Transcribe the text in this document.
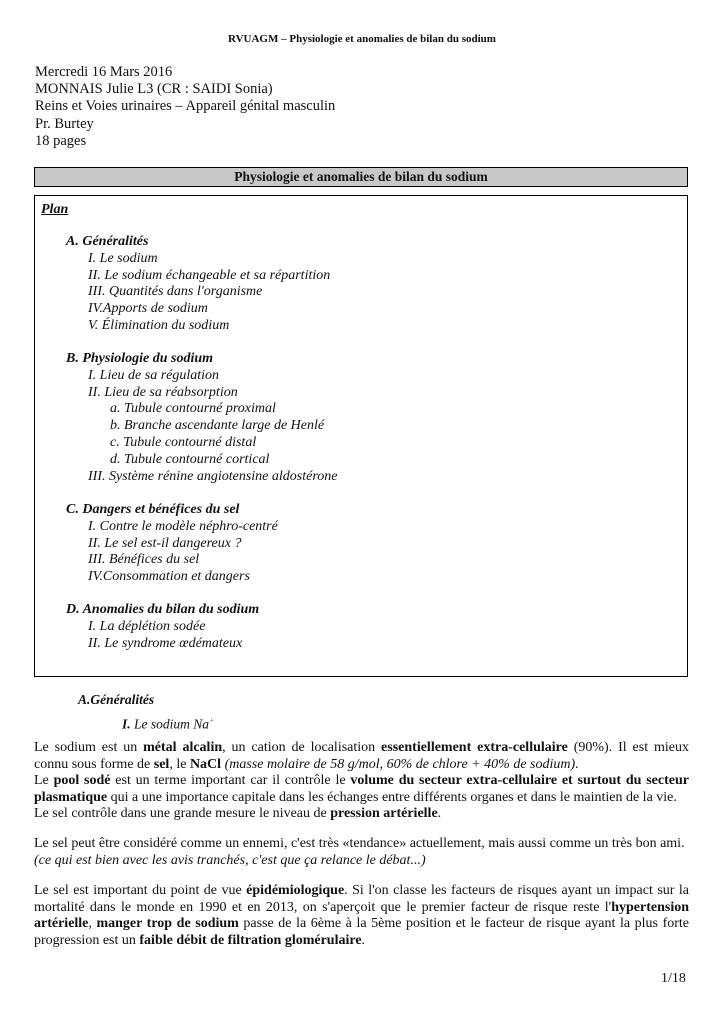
RVUAGM – Physiologie et anomalies de bilan du sodium
Mercredi 16 Mars 2016
MONNAIS Julie L3 (CR : SAIDI Sonia)
Reins et Voies urinaires – Appareil génital masculin
Pr. Burtey
18 pages
Physiologie et anomalies de bilan du sodium
Plan
A. Généralités
I. Le sodium
II. Le sodium échangeable et sa répartition
III. Quantités dans l'organisme
IV.Apports de sodium
V. Élimination du sodium
B. Physiologie du sodium
I. Lieu de sa régulation
II. Lieu de sa réabsorption
a. Tubule contourné proximal
b. Branche ascendante large de Henlé
c. Tubule contourné distal
d. Tubule contourné cortical
III. Système rénine angiotensine aldostérone
C. Dangers et bénéfices du sel
I. Contre le modèle néphro-centré
II. Le sel est-il dangereux ?
III. Bénéfices du sel
IV.Consommation et dangers
D. Anomalies du bilan du sodium
I. La déplétion sodée
II. Le syndrome œdémateux
A.Généralités
I. Le sodium Na+
Le sodium est un métal alcalin, un cation de localisation essentiellement extra-cellulaire (90%). Il est mieux connu sous forme de sel, le NaCl (masse molaire de 58 g/mol, 60% de chlore + 40% de sodium).
Le pool sodé est un terme important car il contrôle le volume du secteur extra-cellulaire et surtout du secteur plasmatique qui a une importance capitale dans les échanges entre différents organes et dans le maintien de la vie.
Le sel contrôle dans une grande mesure le niveau de pression artérielle.
Le sel peut être considéré comme un ennemi, c'est très «tendance» actuellement, mais aussi comme un très bon ami.
(ce qui est bien avec les avis tranchés, c'est que ça relance le débat...)
Le sel est important du point de vue épidémiologique. Si l'on classe les facteurs de risques ayant un impact sur la mortalité dans le monde en 1990 et en 2013, on s'aperçoit que le premier facteur de risque reste l'hypertension artérielle, manger trop de sodium passe de la 6ème à la 5ème position et le facteur de risque ayant la plus forte progression est un faible débit de filtration glomérulaire.
1/18
